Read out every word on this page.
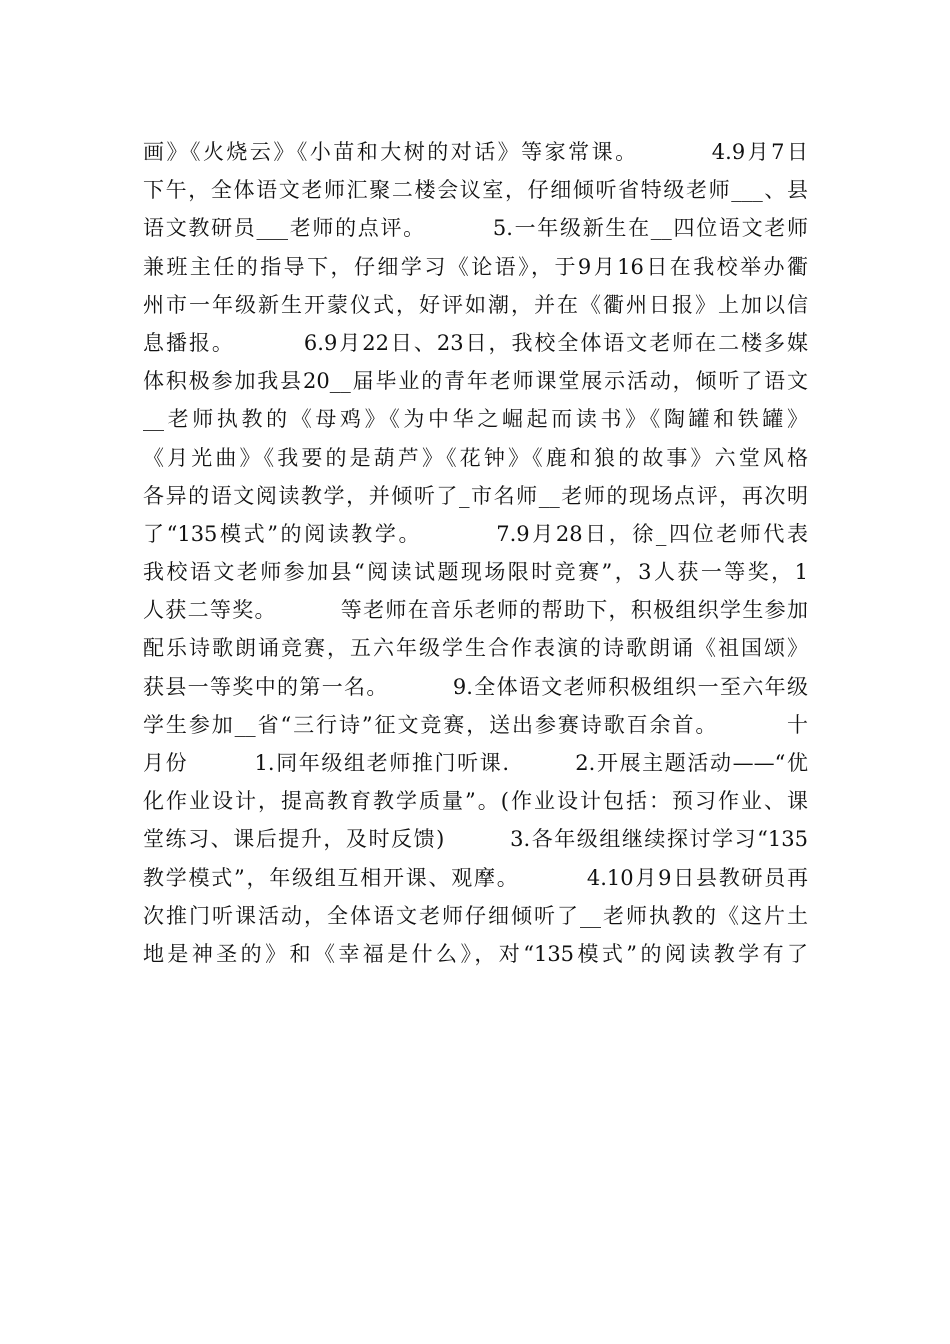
画》《火烧云》《小苗和大树的对话》等家常课。        4.9月7日
下午，全体语文老师汇聚二楼会议室，仔细倾听省特级老师___、县
语文教研员___老师的点评。        5.一年级新生在__四位语文老师
兼班主任的指导下，仔细学习《论语》，于9月16日在我校举办衢
州市一年级新生开蒙仪式，好评如潮，并在《衢州日报》上加以信
息播报。        6.9月22日、23日，我校全体语文老师在二楼多媒
体积极参加我县20__届毕业的青年老师课堂展示活动，倾听了语文
__老师执教的《母鸡》《为中华之崛起而读书》《陶罐和铁罐》
《月光曲》《我要的是葫芦》《花钟》《鹿和狼的故事》六堂风格
各异的语文阅读教学，并倾听了_市名师__老师的现场点评，再次明
了“135模式”的阅读教学。        7.9月28日，徐_四位老师代表
我校语文老师参加县“阅读试题现场限时竞赛”，3人获一等奖，1
人获二等奖。        等老师在音乐老师的帮助下，积极组织学生参加
配乐诗歌朗诵竞赛，五六年级学生合作表演的诗歌朗诵《祖国颂》
获县一等奖中的第一名。        9.全体语文老师积极组织一至六年级
学生参加__省“三行诗”征文竞赛，送出参赛诗歌百余首。        十
月份        1.同年级组老师推门听课.        2.开展主题活动——“优
化作业设计，提高教育教学质量”。(作业设计包括：预习作业、课
堂练习、课后提升，及时反馈)        3.各年级组继续探讨学习“135
教学模式”，年级组互相开课、观摩。        4.10月9日县教研员再
次推门听课活动，全体语文老师仔细倾听了__老师执教的《这片土
地是神圣的》和《幸福是什么》，对“135模式”的阅读教学有了
